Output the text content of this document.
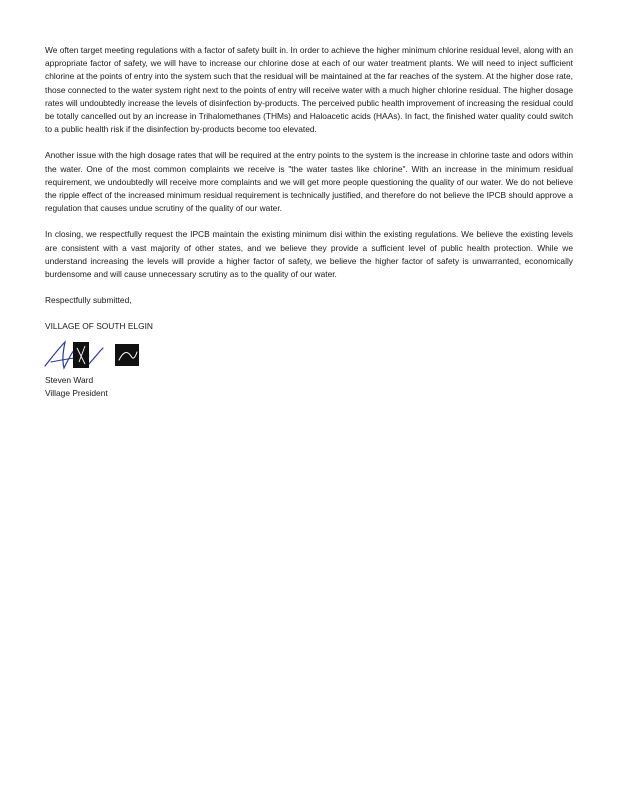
We often target meeting regulations with a factor of safety built in. In order to achieve the higher minimum chlorine residual level, along with an appropriate factor of safety, we will have to increase our chlorine dose at each of our water treatment plants. We will need to inject sufficient chlorine at the points of entry into the system such that the residual will be maintained at the far reaches of the system. At the higher dose rate, those connected to the water system right next to the points of entry will receive water with a much higher chlorine residual. The higher dosage rates will undoubtedly increase the levels of disinfection by-products. The perceived public health improvement of increasing the residual could be totally cancelled out by an increase in Trihalomethanes (THMs) and Haloacetic acids (HAAs). In fact, the finished water quality could switch to a public health risk if the disinfection by-products become too elevated.

Another issue with the high dosage rates that will be required at the entry points to the system is the increase in chlorine taste and odors within the water. One of the most common complaints we receive is "the water tastes like chlorine". With an increase in the minimum residual requirement, we undoubtedly will receive more complaints and we will get more people questioning the quality of our water. We do not believe the ripple effect of the increased minimum residual requirement is technically justified, and therefore do not believe the IPCB should approve a regulation that causes undue scrutiny of the quality of our water.

In closing, we respectfully request the IPCB maintain the existing minimum disi within the existing regulations. We believe the existing levels are consistent with a vast majority of other states, and we believe they provide a sufficient level of public health protection. While we understand increasing the levels will provide a higher factor of safety, we believe the higher factor of safety is unwarranted, economically burdensome and will cause unnecessary scrutiny as to the quality of our water.

Respectfully submitted,

VILLAGE OF SOUTH ELGIN

Steven Ward
Village President
